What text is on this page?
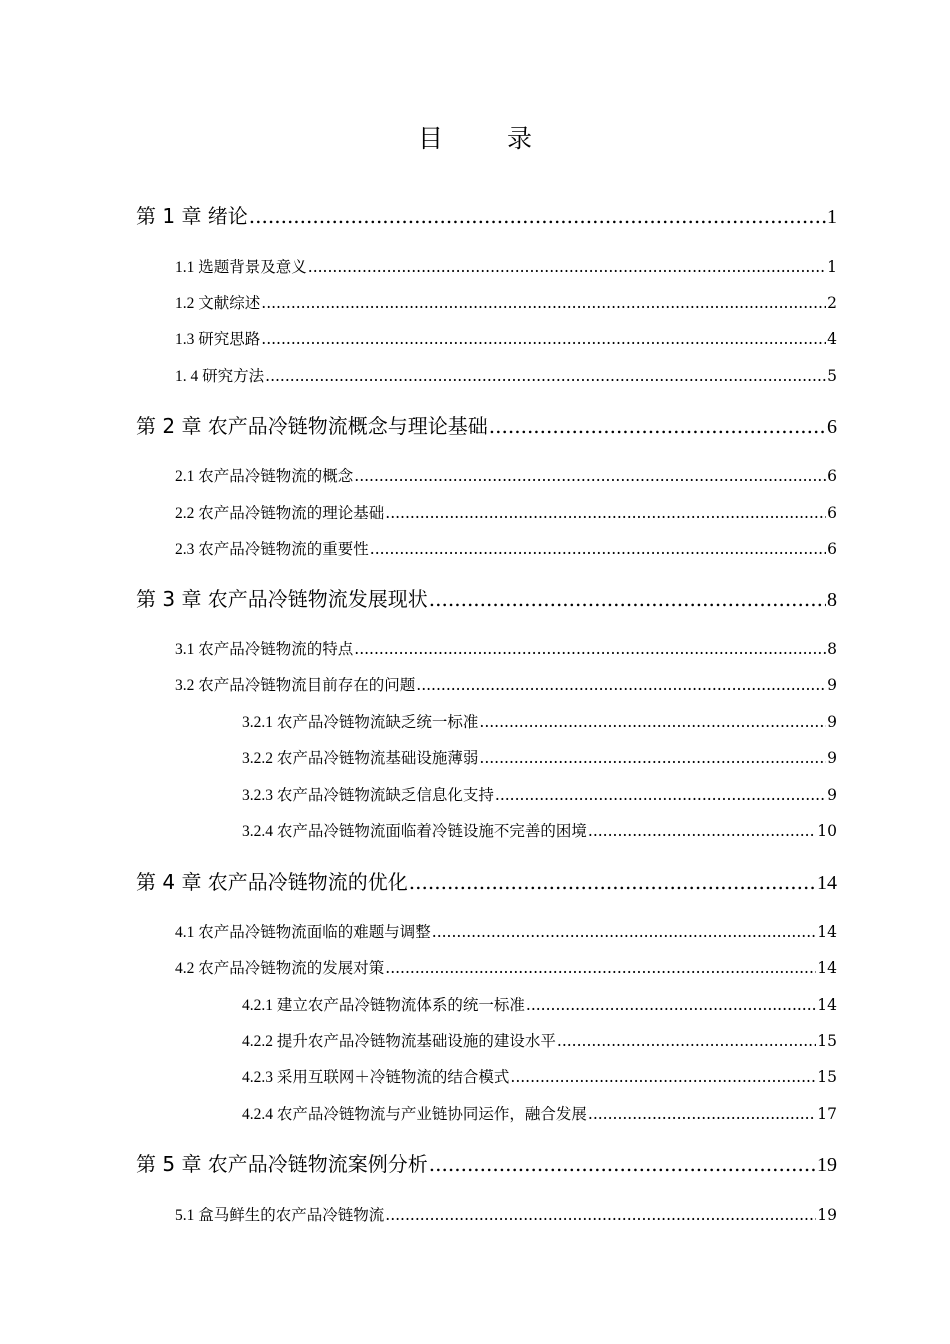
目 录
第 1 章 绪论 .....	1
1.1 选题背景及意义 .....	1
1.2 文献综述 .....	2
1.3 研究思路 .....	4
1. 4 研究方法 .....	5
第 2 章 农产品冷链物流概念与理论基础 .....	6
2.1 农产品冷链物流的概念 .....	6
2.2 农产品冷链物流的理论基础 .....	6
2.3 农产品冷链物流的重要性 .....	6
第 3 章 农产品冷链物流发展现状 .....	8
3.1 农产品冷链物流的特点 .....	8
3.2 农产品冷链物流目前存在的问题 .....	9
3.2.1 农产品冷链物流缺乏统一标准 .....	9
3.2.2 农产品冷链物流基础设施薄弱 .....	9
3.2.3 农产品冷链物流缺乏信息化支持 .....	9
3.2.4 农产品冷链物流面临着冷链设施不完善的困境 .....	10
第 4 章 农产品冷链物流的优化 .....	14
4.1 农产品冷链物流面临的难题与调整 .....	14
4.2 农产品冷链物流的发展对策 .....	14
4.2.1 建立农产品冷链物流体系的统一标准 .....	14
4.2.2 提升农产品冷链物流基础设施的建设水平 .....	15
4.2.3 采用互联网＋冷链物流的结合模式 .....	15
4.2.4 农产品冷链物流与产业链协同运作，融合发展 .....	17
第 5 章 农产品冷链物流案例分析 .....	19
5.1 盒马鲜生的农产品冷链物流 .....	19
